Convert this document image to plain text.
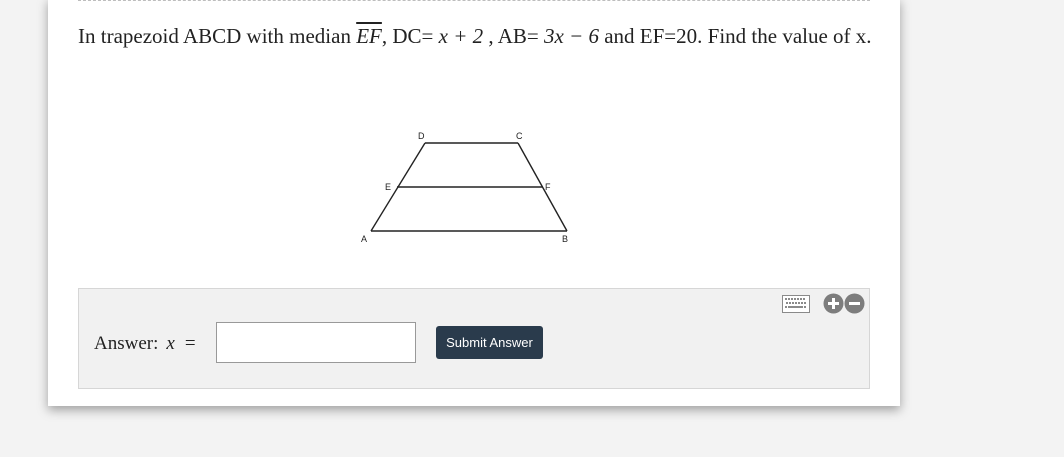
In trapezoid ABCD with median $\overline{EF}$, DC= x + 2 , AB= 3x − 6 and EF=20. Find the value of x.
D	C
E	F
A	B
Answer: x =	Submit Answer
